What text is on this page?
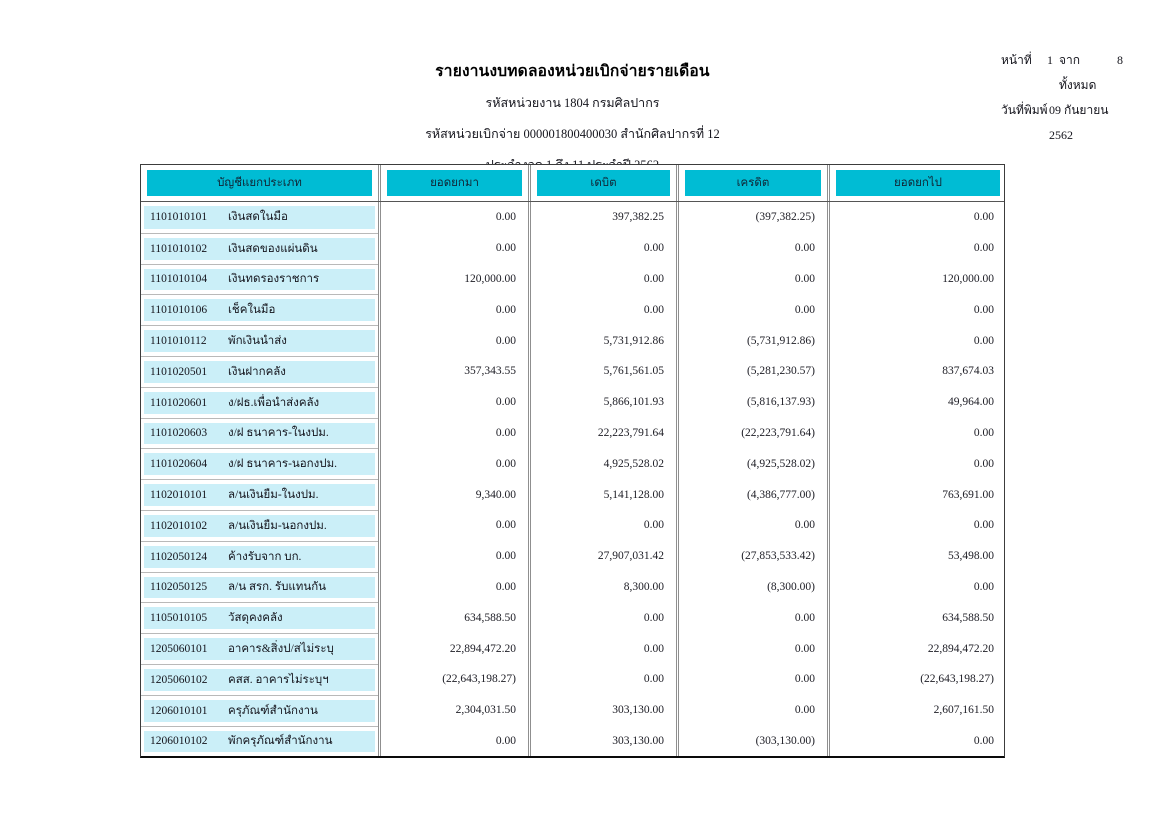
หน้าที่	1 จากทั้งหมด
8
วันที่พิมพ์ 09 กันยายน 2562
รายงานงบทดลองหน่วยเบิกจ่ายรายเดือน
รหัสหน่วยงาน 1804 กรมศิลปากร
รหัสหน่วยเบิกจ่าย 000001800400030 สำนักศิลปากรที่ 12
บัญชีแยกประเภท	ยอดยกมา	เดบิต	เครดิต	ยอดยกไป
1101010101	เงินสดในมือ	0.00	397,382.25	(397,382.25)	0.00
1101010102	เงินสดของแผ่นดิน	0.00	0.00	0.00	0.00
1101010104	เงินทดรองราชการ	120,000.00	0.00	0.00	120,000.00
1101010106	เช็คในมือ	0.00	0.00	0.00	0.00
1101010112	พักเงินนำส่ง	0.00	5,731,912.86	(5,731,912.86)	0.00
1101020501	เงินฝากคลัง	357,343.55	5,761,561.05	(5,281,230.57)	837,674.03
1101020601	ง/ฝธ.เพื่อนำส่งคลัง	0.00	5,866,101.93	(5,816,137.93)	49,964.00
1101020603	ง/ฝ ธนาคาร-ในงปม.	0.00	22,223,791.64	(22,223,791.64)	0.00
1101020604	ง/ฝ ธนาคาร-นอกงปม.	0.00	4,925,528.02	(4,925,528.02)	0.00
1102010101	ล/นเงินยืม-ในงปม.	9,340.00	5,141,128.00	(4,386,777.00)	763,691.00
1102010102	ล/นเงินยืม-นอกงปม.	0.00	0.00	0.00	0.00
1102050124	ค้างรับจาก บก.	0.00	27,907,031.42	(27,853,533.42)	53,498.00
1102050125	ล/น สรก. รับแทนกัน	0.00	8,300.00	(8,300.00)	0.00
1105010105	วัสดุคงคลัง	634,588.50	0.00	0.00	634,588.50
1205060101	อาคาร&สิ่งป/สไม่ระบุ	22,894,472.20	0.00	0.00	22,894,472.20
1205060102	คสส. อาคารไม่ระบุฯ	(22,643,198.27)	0.00	0.00	(22,643,198.27)
1206010101	ครุภัณฑ์สำนักงาน	2,304,031.50	303,130.00	0.00	2,607,161.50
1206010102	พักครุภัณฑ์สำนักงาน	0.00	303,130.00	(303,130.00)	0.00
